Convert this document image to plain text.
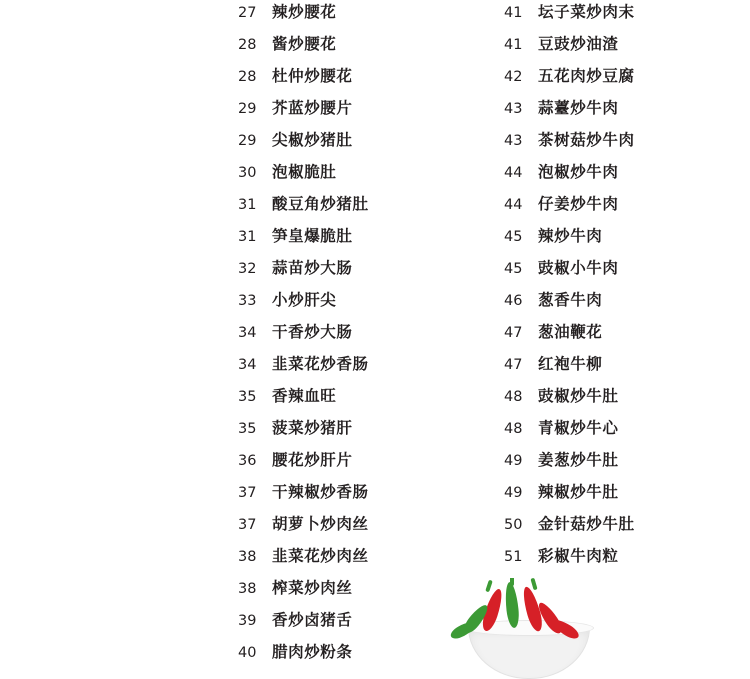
27	辣炒腰花
28	酱炒腰花
28	杜仲炒腰花
29	芥蓝炒腰片
29	尖椒炒猪肚
30	泡椒脆肚
31	酸豆角炒猪肚
31	笋皇爆脆肚
32	蒜苗炒大肠
33	小炒肝尖
34	干香炒大肠
34	韭菜花炒香肠
35	香辣血旺
35	菠菜炒猪肝
36	腰花炒肝片
37	干辣椒炒香肠
37	胡萝卜炒肉丝
38	韭菜花炒肉丝
38	榨菜炒肉丝
39	香炒卤猪舌
40	腊肉炒粉条
41	坛子菜炒肉末
41	豆豉炒油渣
42	五花肉炒豆腐
43	蒜薹炒牛肉
43	茶树菇炒牛肉
44	泡椒炒牛肉
44	仔姜炒牛肉
45	辣炒牛肉
45	豉椒小牛肉
46	葱香牛肉
47	葱油鞭花
47	红袍牛柳
48	豉椒炒牛肚
48	青椒炒牛心
49	姜葱炒牛肚
49	辣椒炒牛肚
50	金针菇炒牛肚
51	彩椒牛肉粒
